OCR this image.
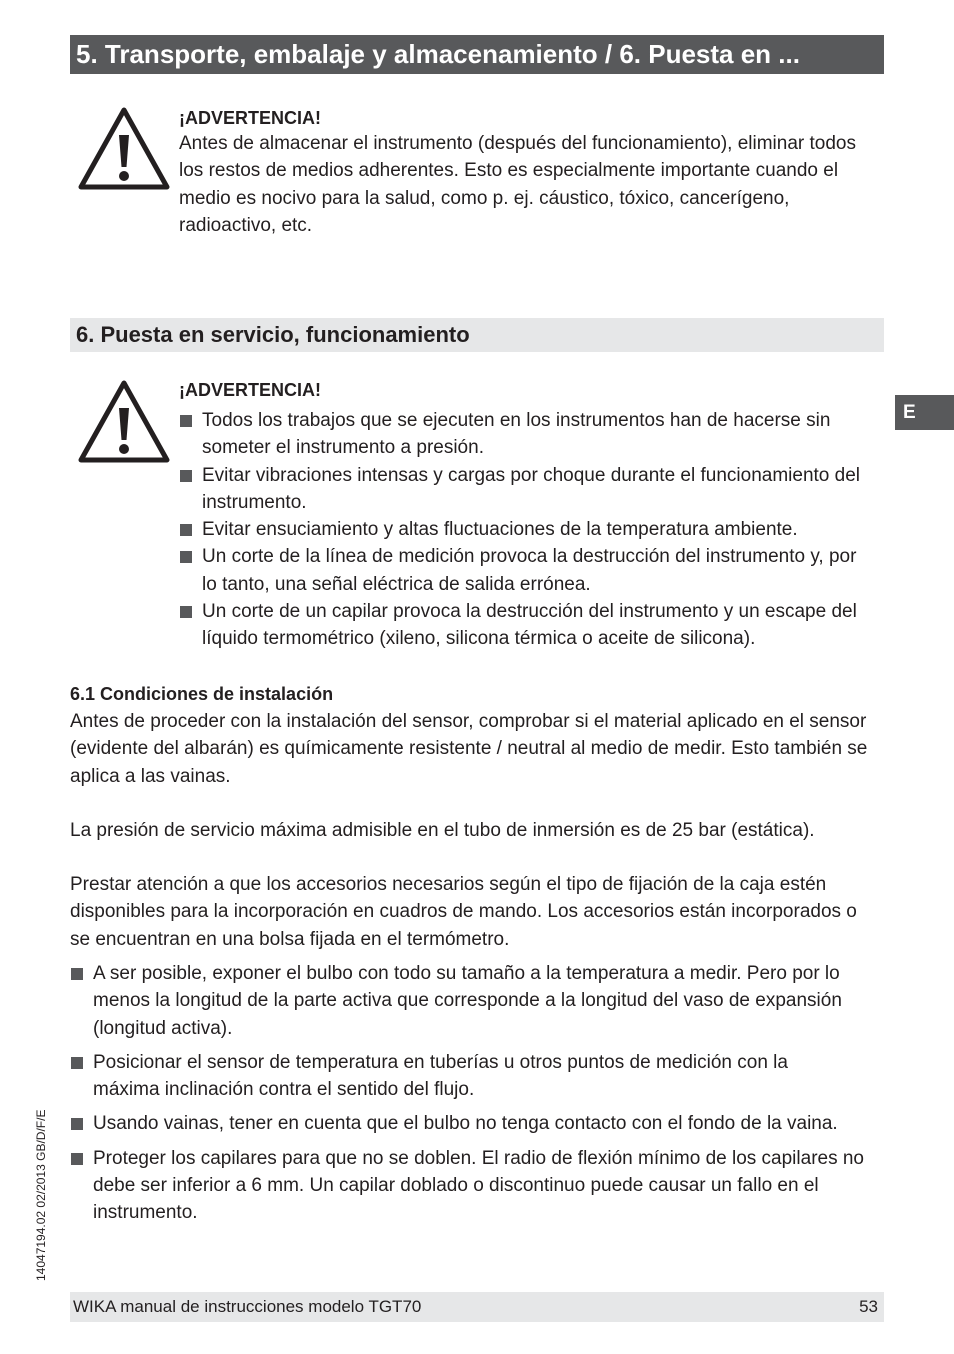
5. Transporte, embalaje y almacenamiento / 6. Puesta en ...
¡ADVERTENCIA!
Antes de almacenar el instrumento (después del funcionamiento), eliminar todos los restos de medios adherentes. Esto es especialmente importante cuando el medio es nocivo para la salud, como p. ej. cáustico, tóxico, cancerígeno, radioactivo, etc.
6. Puesta en servicio, funcionamiento
¡ADVERTENCIA!
Todos los trabajos que se ejecuten en los instrumentos han de hacerse sin someter el instrumento a presión.
Evitar vibraciones intensas y cargas por choque durante el funcionamiento del instrumento.
Evitar ensuciamiento y altas fluctuaciones de la temperatura ambiente.
Un corte de la línea de medición provoca la destrucción del instrumento y, por lo tanto, una señal eléctrica de salida errónea.
Un corte de un capilar provoca la destrucción del instrumento y un escape del líquido termométrico (xileno, silicona térmica o aceite de silicona).
6.1 Condiciones de instalación
Antes de proceder con la instalación del sensor, comprobar si el material aplicado en el sensor (evidente del albarán) es químicamente resistente / neutral al medio de medir. Esto también se aplica a las vainas.
La presión de servicio máxima admisible en el tubo de inmersión es de 25 bar (estática).
Prestar atención a que los accesorios necesarios según el tipo de fijación de la caja estén disponibles para la incorporación en cuadros de mando. Los accesorios están incorporados o se encuentran en una bolsa fijada en el termómetro.
A ser posible, exponer el bulbo con todo su tamaño a la temperatura a medir. Pero por lo menos la longitud de la parte activa que corresponde a la longitud del vaso de expansión (longitud activa).
Posicionar el sensor de temperatura en tuberías u otros puntos de medición con la máxima inclinación contra el sentido del flujo.
Usando vainas, tener en cuenta que el bulbo no tenga contacto con el fondo de la vaina.
Proteger los capilares para que no se doblen. El radio de flexión mínimo de los capilares no debe ser inferior a 6 mm. Un capilar doblado o discontinuo puede causar un fallo en el instrumento.
E
14047194.02 02/2013 GB/D/F/E
WIKA manual de instrucciones modelo TGT70	53
